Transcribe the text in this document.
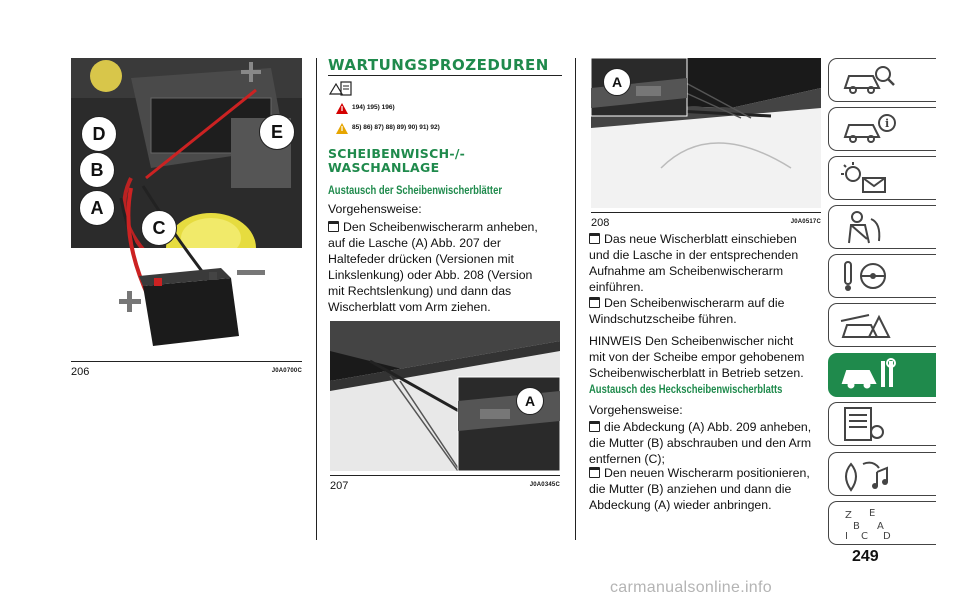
D	E
B
A
C
206	J0A0700C
WARTUNGSPROZEDUREN
194) 195) 196)
85) 86) 87) 88) 89) 90) 91) 92)
SCHEIBENWISCH-/-
WASCHANLAGE
Austausch der Scheibenwischerblätter
Vorgehensweise:
Den Scheibenwischerarm anheben,
auf die Lasche (A) Abb. 207 der
Haltefeder drücken (Versionen mit
Linkslenkung) oder Abb. 208 (Version
mit Rechtslenkung) und dann das
Wischerblatt vom Arm ziehen.
A
207	J0A0345C
A
208	J0A0517C
Das neue Wischerblatt einschieben
und die Lasche in der entsprechenden
Aufnahme am Scheibenwischerarm
einführen.
Den Scheibenwischerarm auf die
Windschutzscheibe führen.
HINWEIS Den Scheibenwischer nicht
mit von der Scheibe empor gehobenem
Scheibenwischerblatt in Betrieb setzen.
Austausch des Heckscheibenwischerblatts
Vorgehensweise:
die Abdeckung (A) Abb. 209 anheben,
die Mutter (B) abschrauben und den Arm
entfernen (C);
Den neuen Wischerarm positionieren,
die Mutter (B) anziehen und dann die
Abdeckung (A) wieder anbringen.
i
Z E
B A
I C D
249
carmanualsonline.info
